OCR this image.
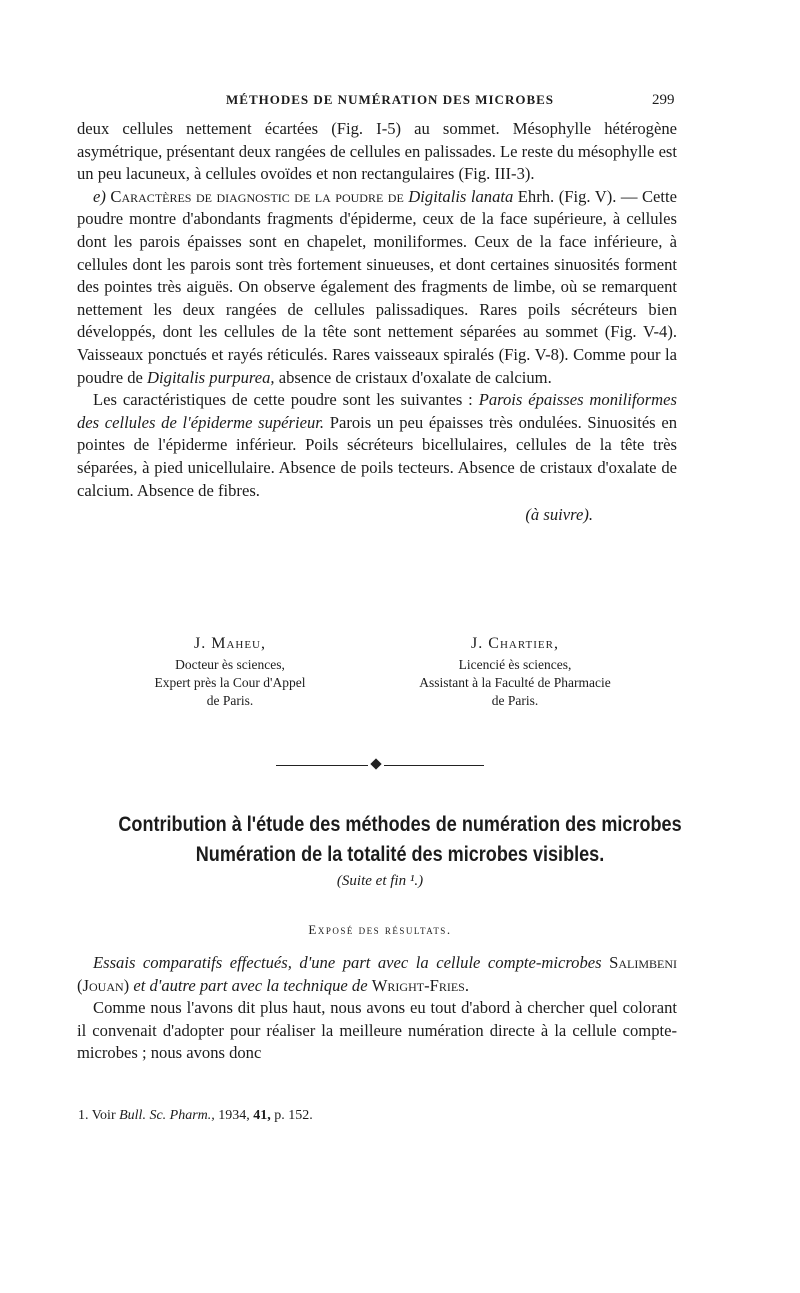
MÉTHODES DE NUMÉRATION DES MICROBES	299

deux cellules nettement écartées (Fig. I-5) au sommet. Mésophylle hétérogène asymétrique, présentant deux rangées de cellules en palissades. Le reste du mésophylle est un peu lacuneux, à cellules ovoïdes et non rectangulaires (Fig. III-3).

e) Caractères de diagnostic de la poudre de Digitalis lanata Ehrh. (Fig. V). — Cette poudre montre d'abondants fragments d'épiderme, ceux de la face supérieure, à cellules dont les parois épaisses sont en chapelet, moniliformes. Ceux de la face inférieure, à cellules dont les parois sont très fortement sinueuses, et dont certaines sinuosités forment des pointes très aiguës. On observe également des fragments de limbe, où se remarquent nettement les deux rangées de cellules palissadiques. Rares poils sécréteurs bien développés, dont les cellules de la tête sont nettement séparées au sommet (Fig. V-4). Vaisseaux ponctués et rayés réticulés. Rares vaisseaux spiralés (Fig. V-8). Comme pour la poudre de Digitalis purpurea, absence de cristaux d'oxalate de calcium.

Les caractéristiques de cette poudre sont les suivantes : Parois épaisses moniliformes des cellules de l'épiderme supérieur. Parois un peu épaisses très ondulées. Sinuosités en pointes de l'épiderme inférieur. Poils sécréteurs bicellulaires, cellules de la tête très séparées, à pied unicellulaire. Absence de poils tecteurs. Absence de cristaux d'oxalate de calcium. Absence de fibres.

(à suivre).
J. Maheu,
Docteur ès sciences,
Expert près la Cour d'Appel
de Paris.
J. Chartier,
Licencié ès sciences,
Assistant à la Faculté de Pharmacie
de Paris.
Contribution à l'étude des méthodes de numération des microbes
Numération de la totalité des microbes visibles.
(Suite et fin ¹.)
Exposé des résultats.

Essais comparatifs effectués, d'une part avec la cellule compte-microbes Salimbeni (Jouan) et d'autre part avec la technique de Wright-Fries.

Comme nous l'avons dit plus haut, nous avons eu tout d'abord à chercher quel colorant il convenait d'adopter pour réaliser la meilleure numération directe à la cellule compte-microbes ; nous avons donc

1. Voir Bull. Sc. Pharm., 1934, 41, p. 152.
